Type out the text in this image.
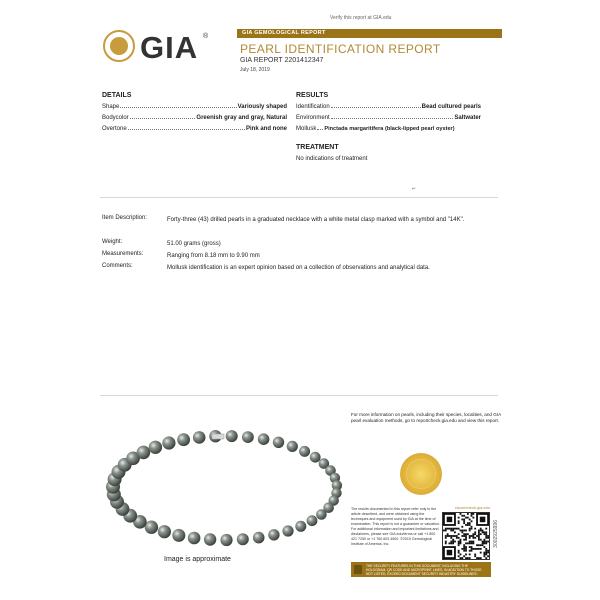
Verify this report at GIA.edu
GIA ®	GIA GEMOLOGICAL REPORT
PEARL IDENTIFICATION REPORT
GIA REPORT 2201412347
July 18, 2019
DETAILS
Shape	Variously shaped
Bodycolor	Greenish gray and gray, Natural
Overtone	Pink and none
RESULTS
Identification	Bead cultured pearls
Environment	Saltwater
Mollusk Pinctada margaritifera (black-lipped pearl oyster)
TREATMENT
No indications of treatment
⌐
Item Description:	Forty-three (43) drilled pearls in a graduated necklace with a white metal clasp marked with a symbol and "14K".
Weight:	51.00 grams (gross)
Measurements:	Ranging from 8.18 mm to 9.90 mm
Comments:	Mollusk identification is an expert opinion based on a collection of observations and analytical data.
Image is approximate
For more information on pearls, including their species, localities, and GIA pearl evaluation methods, go to reportcheck.gia.edu and view this report.
reportcheck.gia.edu
The results documented in this report refer only to the article described, and were obtained using the techniques and equipment used by GIA at the time of examination. This report is not a guarantee or valuation. For additional information and important limitations and disclaimers, please see GIA.edu/terms or call +1 800 421 7250 or +1 760 603 4500. ©2019 Gemological Institute of America, Inc.
THE SECURITY FEATURES IN THIS DOCUMENT, INCLUDING THE HOLOGRAM, QR CODE AND MICROPRINT LINES, IN ADDITION TO THOSE NOT LISTED, EXCEED DOCUMENT SECURITY INDUSTRY GUIDELINES.
3002925996
